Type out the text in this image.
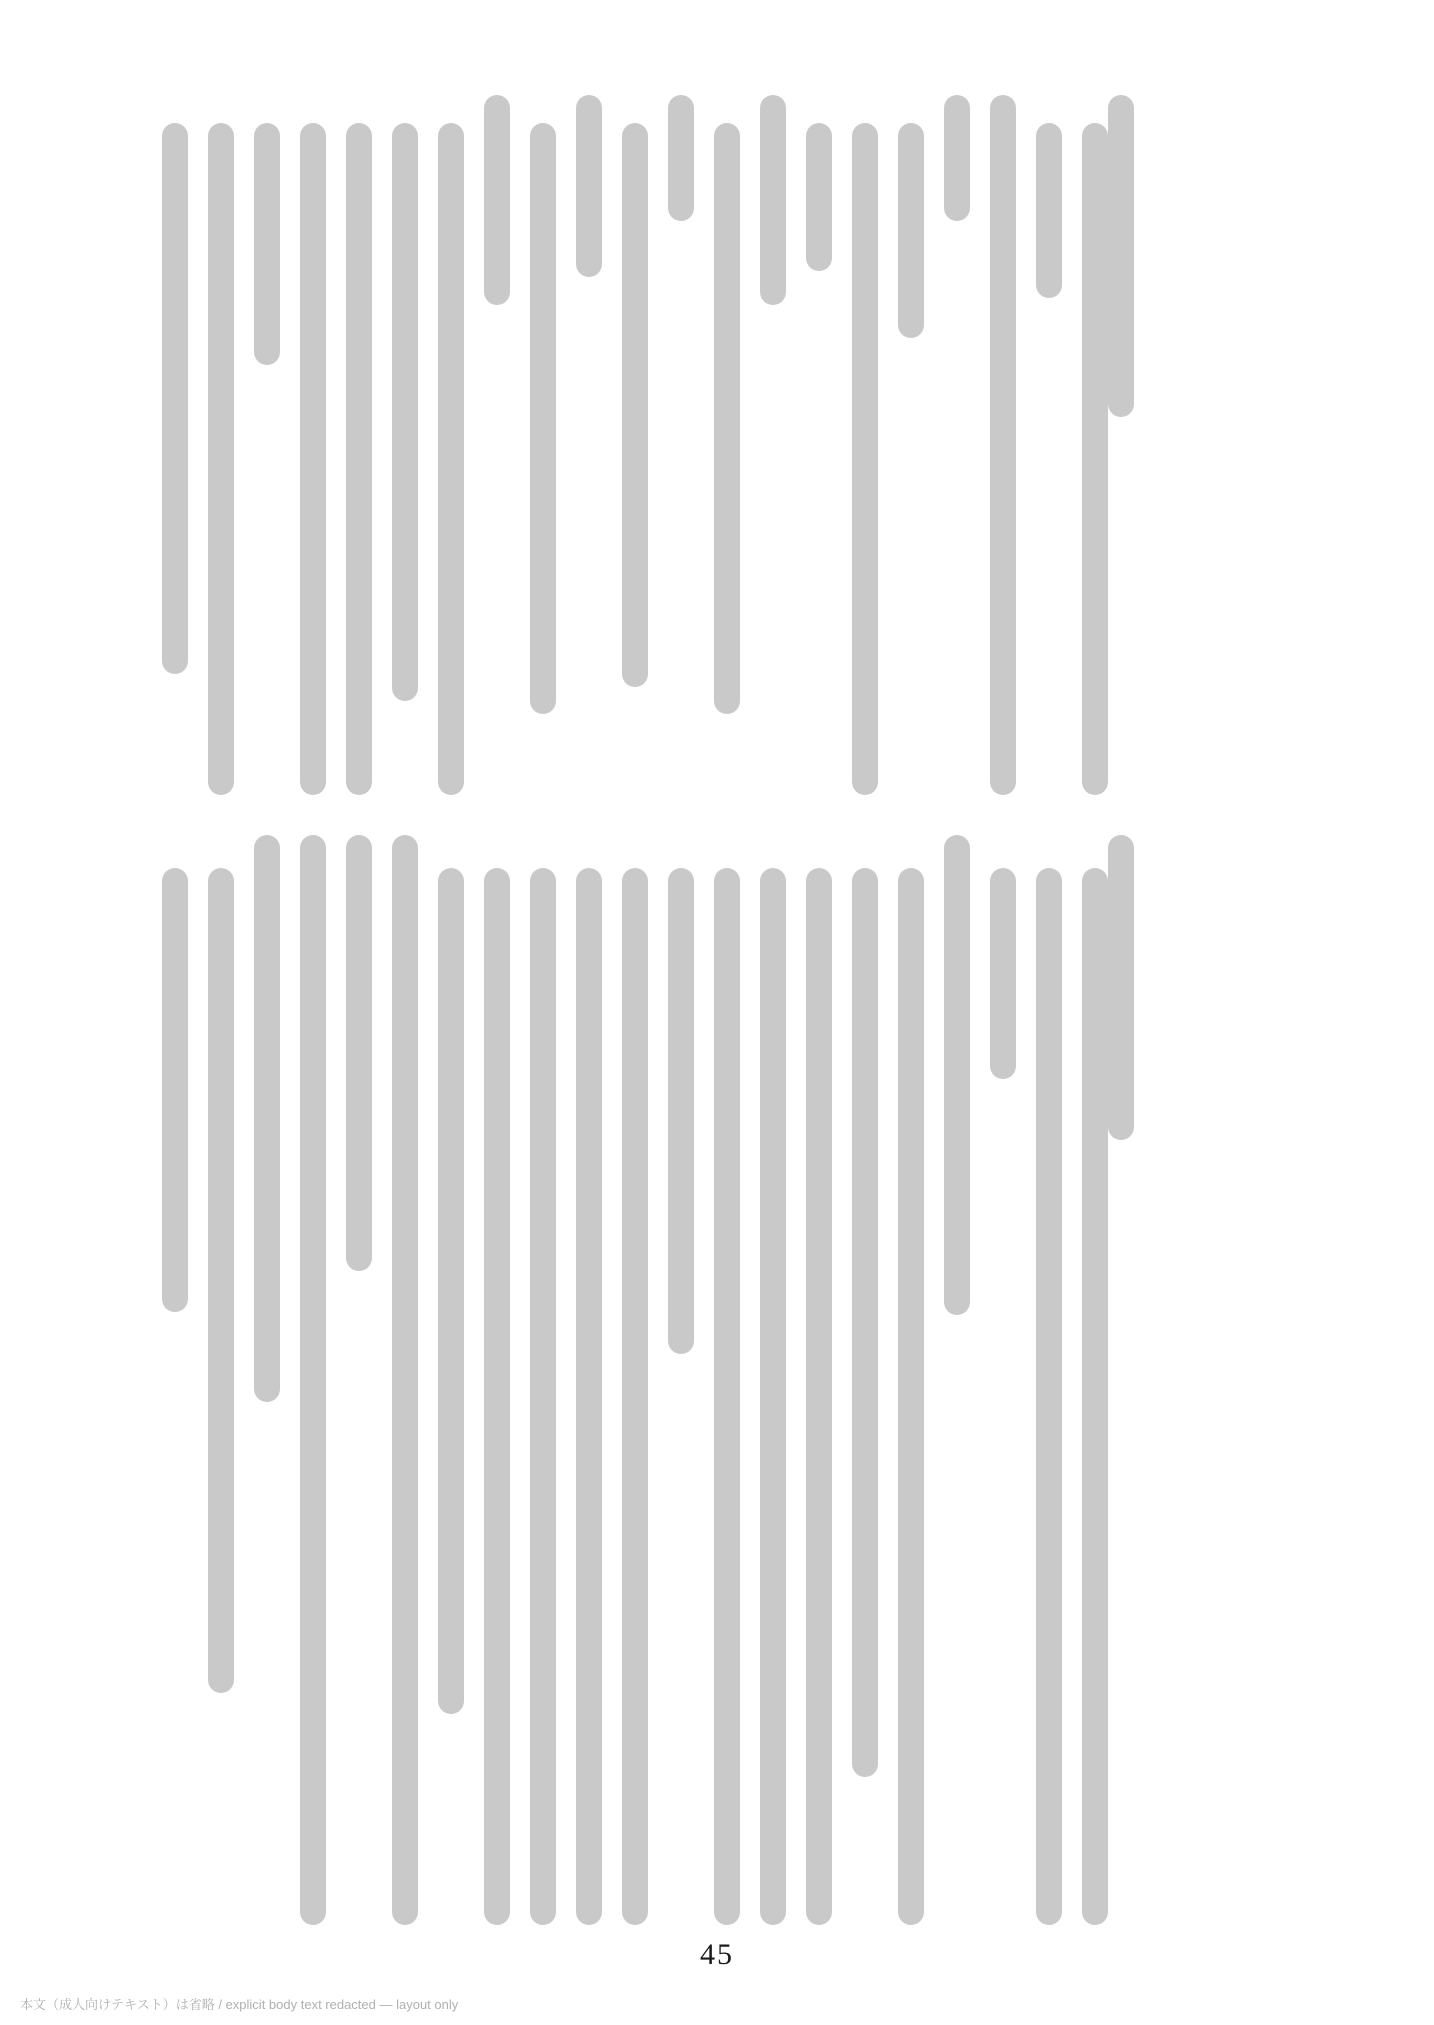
45
本文（成人向けテキスト）は省略 / explicit body text redacted — layout only
